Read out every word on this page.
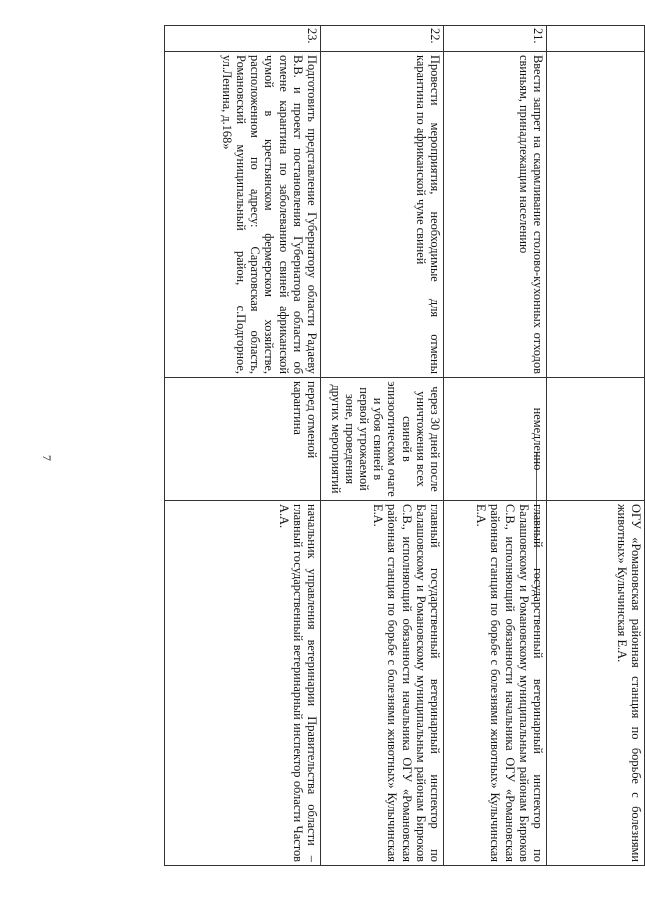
7
			ОГУ «Романовская районная станция по борьбе с болезнями животных» Кулычинская Е.А.
21.	Ввести запрет на скармливание столово-кухонных отходов свиньям, принадлежащим населению	немедленно	главный государственный ветеринарный инспектор по Балашовскому и Романовскому муниципальным районам Бирюков С.В., исполняющий обязанности начальника ОГУ «Романовская районная станция по борьбе с болезнями животных» Кулычинская Е.А.
22.	Провести мероприятия, необходимые для отмены карантина по африканской чуме свиней	через 30 дней после уничтожения всех свиней в эпизоотическом очаге и убоя свиней в первой угрожаемой зоне, проведения других мероприятий	главный государственный ветеринарный инспектор по Балашовскому и Романовскому муниципальным районам Бирюков С.В., исполняющий обязанности начальника ОГУ «Романовская районная станция по борьбе с болезнями животных» Кулычинская Е.А.
23.	Подготовить представление Губернатору области Радаеву В.В. и проект постановления Губернатора области об отмене карантина по заболеванию свиней африканской чумой в крестьянском фермерском хозяйстве, расположенном по адресу: Саратовская область, Романовский муниципальный район, с.Подгорное, ул.Ленина, д.168»	перед отменой карантина	начальник управления ветеринарии Правительства области – главный государственный ветеринарный инспектор области Частов А.А.
